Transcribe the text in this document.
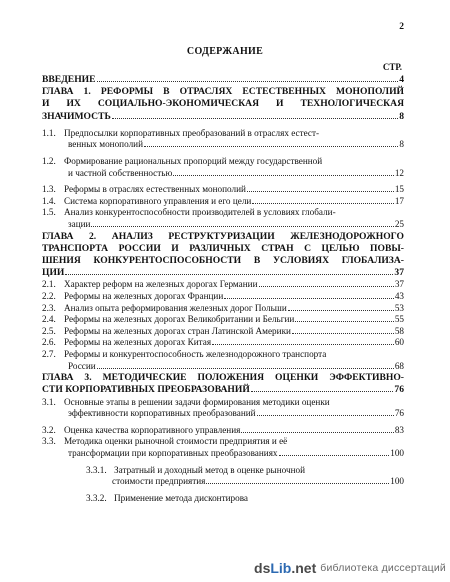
2
СОДЕРЖАНИЕ
СТР.
ВВЕДЕНИЕ	4
ГЛАВА 1. РЕФОРМЫ В ОТРАСЛЯХ ЕСТЕСТВЕННЫХ МОНОПОЛИЙ
И ИХ СОЦИАЛЬНО-ЭКОНОМИЧЕСКАЯ И ТЕХНОЛОГИЧЕСКАЯ
ЗНАЧИМОСТЬ	8
1.1. Предпосылки корпоративных преобразований в отраслях естест-
венных монополий	8
1.2. Формирование рациональных пропорций между государственной
и частной собственностью	12
1.3. Реформы в отраслях естественных монополий	15
1.4. Система корпоративного управления и его цели	17
1.5. Анализ конкурентоспособности производителей в условиях глобали-
зации	25
ГЛАВА 2. АНАЛИЗ РЕСТРУКТУРИЗАЦИИ ЖЕЛЕЗНОДОРОЖНОГО
ТРАНСПОРТА РОССИИ И РАЗЛИЧНЫХ СТРАН С ЦЕЛЬЮ ПОВЫ-
ШЕНИЯ КОНКУРЕНТОСПОСОБНОСТИ В УСЛОВИЯХ ГЛОБАЛИЗА-
ЦИИ	37
2.1. Характер реформ на железных дорогах Германии	37
2.2. Реформы на железных дорогах Франции	43
2.3. Анализ опыта реформирования железных дорог Польши	53
2.4. Реформы на железных дорогах Великобритании и Бельгии	55
2.5. Реформы на железных дорогах стран Латинской Америки	58
2.6. Реформы на железных дорогах Китая	60
2.7. Реформы и конкурентоспособность железнодорожного транспорта
России	68
ГЛАВА 3. МЕТОДИЧЕСКИЕ ПОЛОЖЕНИЯ ОЦЕНКИ ЭФФЕКТИВНО-
СТИ КОРПОРАТИВНЫХ ПРЕОБРАЗОВАНИЙ	76
3.1. Основные этапы в решении задачи формирования методики оценки
эффективности корпоративных преобразований	76
3.2. Оценка качества корпоративного управления	83
3.3. Методика оценки рыночной стоимости предприятия и её
трансформации при корпоративных преобразованиях	100
3.3.1. Затратный и доходный метод в оценке рыночной
стоимости предприятия	100
3.3.2. Применение метода дисконтирова
dsLib.net библиотека диссертаций
